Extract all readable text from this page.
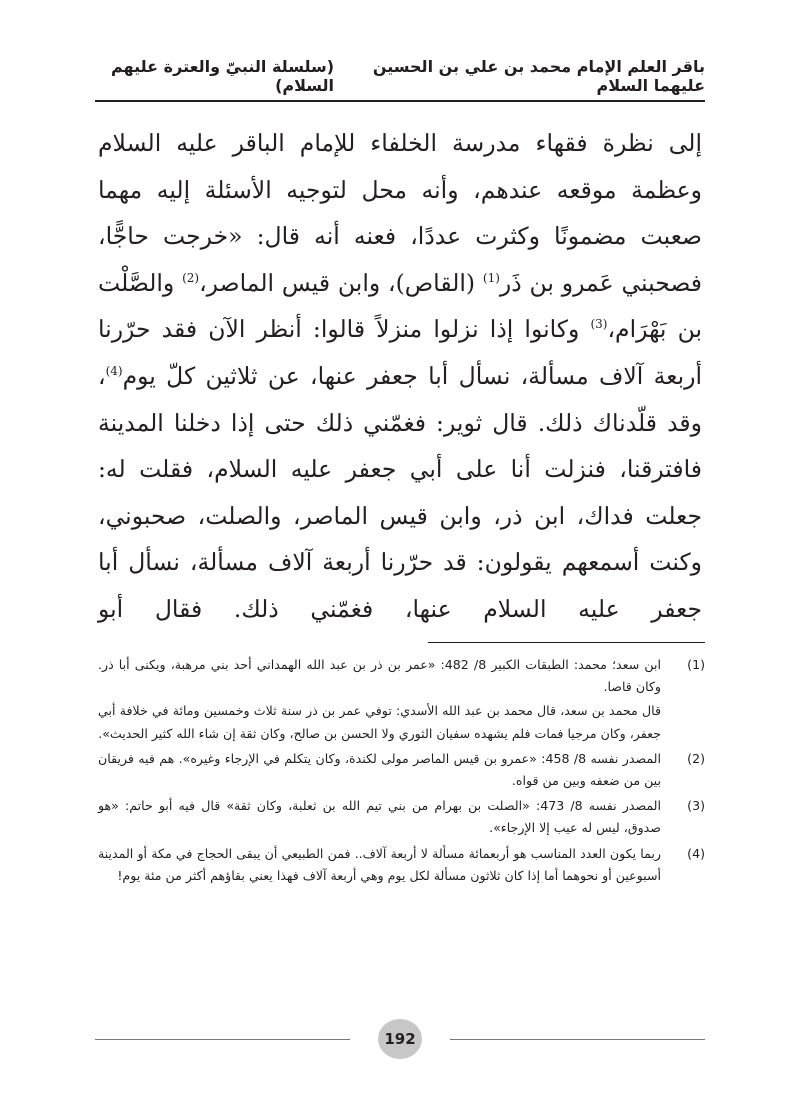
باقر العلم الإمام محمد بن علي بن الحسين عليهما السلام
(سلسلة النبيّ والعترة عليهم السلام)

إلى نظرة فقهاء مدرسة الخلفاء للإمام الباقر عليه السلام وعظمة موقعه عندهم، وأنه محل لتوجيه الأسئلة إليه مهما صعبت مضمونًا وكثرت عددًا، فعنه أنه قال: «خرجت حاجًّا، فصحبني عَمرو بن ذَر$^{(1)}$ (القاص)، وابن قيس الماصر،$^{(2)}$ والصَّلْت بن بَهْرَام،$^{(3)}$ وكانوا إذا نزلوا منزلاً قالوا: أنظر الآن فقد حرّرنا أربعة آلاف مسألة، نسأل أبا جعفر عنها، عن ثلاثين كلّ يوم$^{(4)}$، وقد قلّدناك ذلك. قال ثوير: فغمّني ذلك حتى إذا دخلنا المدينة فافترقنا، فنزلت أنا على أبي جعفر عليه السلام، فقلت له: جعلت فداك، ابن ذر، وابن قيس الماصر، والصلت، صحبوني، وكنت أسمعهم يقولون: قد حرّرنا أربعة آلاف مسألة، نسأل أبا جعفر عليه السلام عنها، فغمّني ذلك. فقال أبو

(1)

ابن سعد؛ محمد: الطبقات الكبير 8/ 482: «عمر بن ذر بن عبد الله الهمداني أحد بني مرهبة، ويكنى أبا ذر. وكان قاصا.

قال محمد بن سعد، قال محمد بن عبد الله الأسدي: توفي عمر بن ذر سنة ثلاث وخمسين ومائة في خلافة أبي جعفر، وكان مرجيا فمات فلم يشهده سفيان الثوري ولا الحسن بن صالح، وكان ثقة إن شاء الله كثير الحديث».

(2)

المصدر نفسه 8/ 458: «عمرو بن قيس الماصر مولى لكندة، وكان يتكلم في الإرجاء وغيره». هم فيه فريقان بين من ضعفه وبين من قواه.

(3)

المصدر نفسه 8/ 473: «الصلت بن بهرام من بني تيم الله بن ثعلبة، وكان ثقة» قال فيه أبو حاتم: «هو صدوق، ليس له عيب إلا الإرجاء».

(4)

ربما يكون العدد المناسب هو أربعمائة مسألة لا أربعة آلاف.. فمن الطبيعي أن يبقى الحجاج في مكة أو المدينة أسبوعين أو نحوهما أما إذا كان ثلاثون مسألة لكل يوم وهي أربعة آلاف فهذا يعني بقاؤهم أكثر من مئة يوم!

192
